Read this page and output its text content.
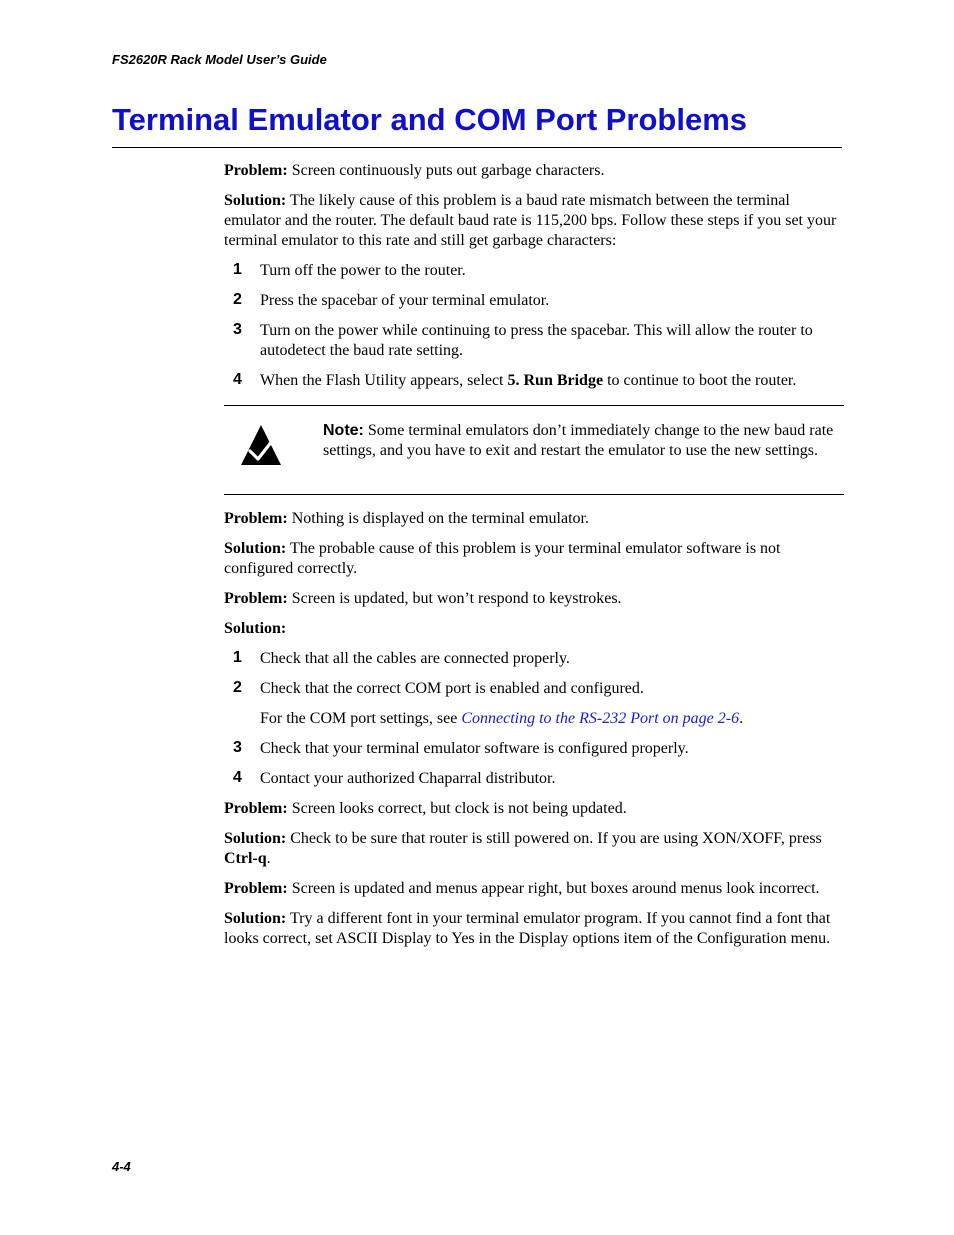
FS2620R Rack Model User’s Guide
Terminal Emulator and COM Port Problems

Problem: Screen continuously puts out garbage characters.

Solution: The likely cause of this problem is a baud rate mismatch between the terminal emulator and the router. The default baud rate is 115,200 bps. Follow these steps if you set your terminal emulator to this rate and still get garbage characters:

1 Turn off the power to the router.
2 Press the spacebar of your terminal emulator.
3 Turn on the power while continuing to press the spacebar. This will allow the router to autodetect the baud rate setting.
4 When the Flash Utility appears, select 5. Run Bridge to continue to boot the router.
Note: Some terminal emulators don’t immediately change to the new baud rate settings, and you have to exit and restart the emulator to use the new settings.

Problem: Nothing is displayed on the terminal emulator.

Solution: The probable cause of this problem is your terminal emulator software is not configured correctly.

Problem: Screen is updated, but won’t respond to keystrokes.

Solution:

1 Check that all the cables are connected properly.
2 Check that the correct COM port is enabled and configured.
For the COM port settings, see Connecting to the RS-232 Port on page 2-6.
3 Check that your terminal emulator software is configured properly.
4 Contact your authorized Chaparral distributor.

Problem: Screen looks correct, but clock is not being updated.

Solution: Check to be sure that router is still powered on. If you are using XON/XOFF, press Ctrl-q.

Problem: Screen is updated and menus appear right, but boxes around menus look incorrect.

Solution: Try a different font in your terminal emulator program. If you cannot find a font that looks correct, set ASCII Display to Yes in the Display options item of the Configuration menu.

4-4
